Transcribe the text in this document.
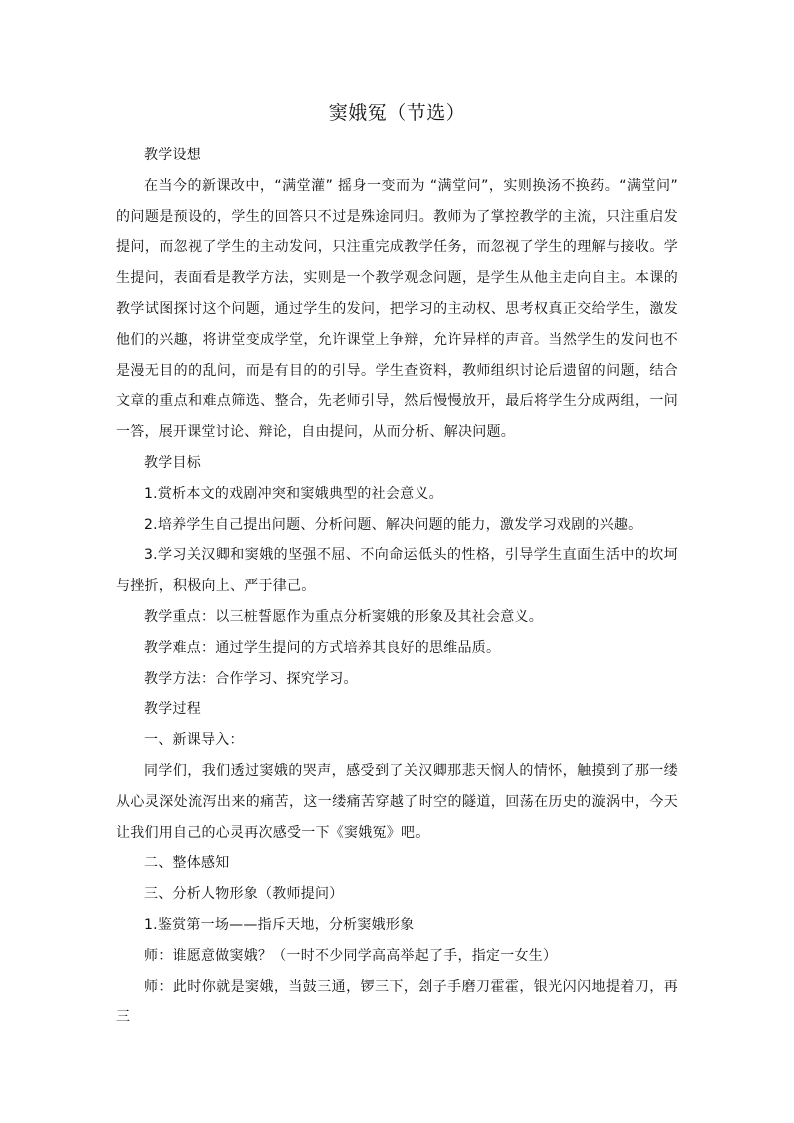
窦娥冤（节选）

教学设想

在当今的新课改中，“满堂灌” 摇身一变而为 “满堂问”，实则换汤不换药。“满堂问” 的问题是预设的，学生的回答只不过是殊途同归。教师为了掌控教学的主流，只注重启发提问，而忽视了学生的主动发问，只注重完成教学任务，而忽视了学生的理解与接收。学生提问，表面看是教学方法，实则是一个教学观念问题，是学生从他主走向自主。本课的教学试图探讨这个问题，通过学生的发问，把学习的主动权、思考权真正交给学生，激发他们的兴趣，将讲堂变成学堂，允许课堂上争辩，允许异样的声音。当然学生的发问也不是漫无目的的乱问，而是有目的的引导。学生查资料，教师组织讨论后遗留的问题，结合文章的重点和难点筛选、整合，先老师引导，然后慢慢放开，最后将学生分成两组，一问一答，展开课堂讨论、辩论，自由提问，从而分析、解决问题。

教学目标

1.赏析本文的戏剧冲突和窦娥典型的社会意义。

2.培养学生自己提出问题、分析问题、解决问题的能力，激发学习戏剧的兴趣。

3.学习关汉卿和窦娥的坚强不屈、不向命运低头的性格，引导学生直面生活中的坎坷与挫折，积极向上、严于律己。

教学重点：以三桩誓愿作为重点分析窦娥的形象及其社会意义。

教学难点：通过学生提问的方式培养其良好的思维品质。

教学方法：合作学习、探究学习。

教学过程

一、新课导入：

同学们，我们透过窦娥的哭声，感受到了关汉卿那悲天悯人的情怀，触摸到了那一缕从心灵深处流泻出来的痛苦，这一缕痛苦穿越了时空的隧道，回荡在历史的漩涡中，今天让我们用自己的心灵再次感受一下《窦娥冤》吧。

二、整体感知

三、分析人物形象（教师提问）

1.鉴赏第一场——指斥天地，分析窦娥形象

师：谁愿意做窦娥？（一时不少同学高高举起了手，指定一女生）

师：此时你就是窦娥，当鼓三通，锣三下，刽子手磨刀霍霍，银光闪闪地提着刀，再三
